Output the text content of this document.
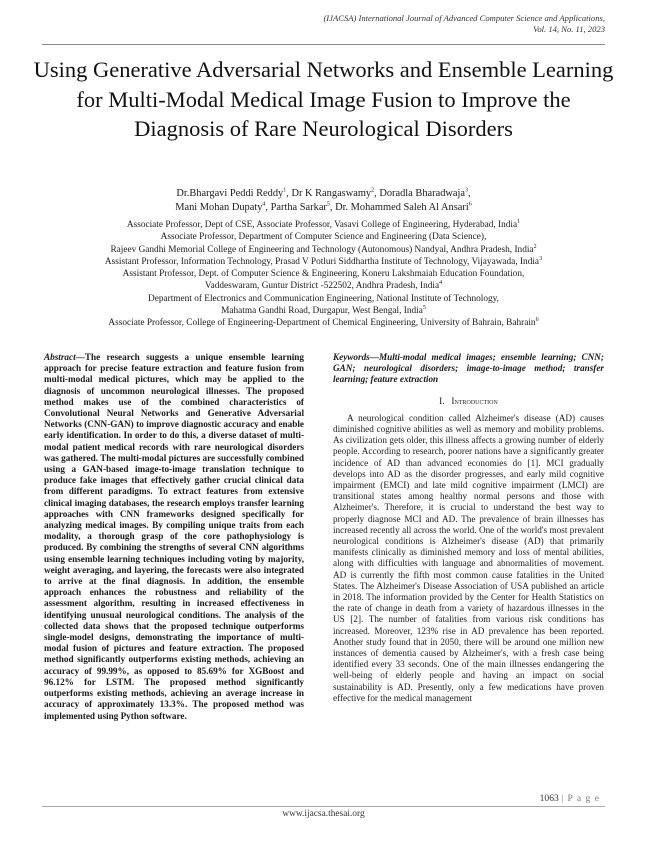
(IJACSA) International Journal of Advanced Computer Science and Applications,
Vol. 14, No. 11, 2023
Using Generative Adversarial Networks and Ensemble Learning for Multi-Modal Medical Image Fusion to Improve the Diagnosis of Rare Neurological Disorders
Dr.Bhargavi Peddi Reddy$^1$, Dr K Rangaswamy$^2$, Doradla Bharadwaja$^3$,
Mani Mohan Dupaty$^4$, Partha Sarkar$^5$, Dr. Mohammed Saleh Al Ansari$^6$
Associate Professor, Dept of CSE, Associate Professor, Vasavi College of Engineering, Hyderabad, India$^1$
Associate Professor, Department of Computer Science and Engineering (Data Science),
Rajeev Gandhi Memorial College of Engineering and Technology (Autonomous) Nandyal, Andhra Pradesh, India$^2$
Assistant Professor, Information Technology, Prasad V Potluri Siddhartha Institute of Technology, Vijayawada, India$^3$
Assistant Professor, Dept. of Computer Science & Engineering, Koneru Lakshmaiah Education Foundation,
Vaddeswaram, Guntur District -522502, Andhra Pradesh, India$^4$
Department of Electronics and Communication Engineering, National Institute of Technology,
Mahatma Gandhi Road, Durgapur, West Bengal, India$^5$
Associate Professor, College of Engineering-Department of Chemical Engineering, University of Bahrain, Bahrain$^6$
Abstract—The research suggests a unique ensemble learning approach for precise feature extraction and feature fusion from multi-modal medical pictures, which may be applied to the diagnosis of uncommon neurological illnesses. The proposed method makes use of the combined characteristics of Convolutional Neural Networks and Generative Adversarial Networks (CNN-GAN) to improve diagnostic accuracy and enable early identification. In order to do this, a diverse dataset of multi-modal patient medical records with rare neurological disorders was gathered. The multi-modal pictures are successfully combined using a GAN-based image-to-image translation technique to produce fake images that effectively gather crucial clinical data from different paradigms. To extract features from extensive clinical imaging databases, the research employs transfer learning approaches with CNN frameworks designed specifically for analyzing medical images. By compiling unique traits from each modality, a thorough grasp of the core pathophysiology is produced. By combining the strengths of several CNN algorithms using ensemble learning techniques including voting by majority, weight averaging, and layering, the forecasts were also integrated to arrive at the final diagnosis. In addition, the ensemble approach enhances the robustness and reliability of the assessment algorithm, resulting in increased effectiveness in identifying unusual neurological conditions. The analysis of the collected data shows that the proposed technique outperforms single-model designs, demonstrating the importance of multi-modal fusion of pictures and feature extraction. The proposed method significantly outperforms existing methods, achieving an accuracy of 99.99%, as opposed to 85.69% for XGBoost and 96.12% for LSTM. The proposed method significantly outperforms existing methods, achieving an average increase in accuracy of approximately 13.3%. The proposed method was implemented using Python software.
Keywords—Multi-modal medical images; ensemble learning; CNN; GAN; neurological disorders; image-to-image method; transfer learning; feature extraction
I. Introduction
A neurological condition called Alzheimer's disease (AD) causes diminished cognitive abilities as well as memory and mobility problems. As civilization gets older, this illness affects a growing number of elderly people. According to research, poorer nations have a significantly greater incidence of AD than advanced economies do [1]. MCI gradually develops into AD as the disorder progresses, and early mild cognitive impairment (EMCI) and late mild cognitive impairment (LMCI) are transitional states among healthy normal persons and those with Alzheimer's. Therefore, it is crucial to understand the best way to properly diagnose MCI and AD. The prevalence of brain illnesses has increased recently all across the world. One of the world's most prevalent neurological conditions is Alzheimer's disease (AD) that primarily manifests clinically as diminished memory and loss of mental abilities, along with difficulties with language and abnormalities of movement. AD is currently the fifth most common cause fatalities in the United States. The Alzheimer's Disease Association of USA published an article in 2018. The information provided by the Center for Health Statistics on the rate of change in death from a variety of hazardous illnesses in the US [2]. The number of fatalities from various risk conditions has increased. Moreover, 123% rise in AD prevalence has been reported. Another study found that in 2050, there will be around one million new instances of dementia caused by Alzheimer's, with a fresh case being identified every 33 seconds. One of the main illnesses endangering the well-being of elderly people and having an impact on social sustainability is AD. Presently, only a few medications have proven effective for the medical management
1063 | P a g e
www.ijacsa.thesai.org
